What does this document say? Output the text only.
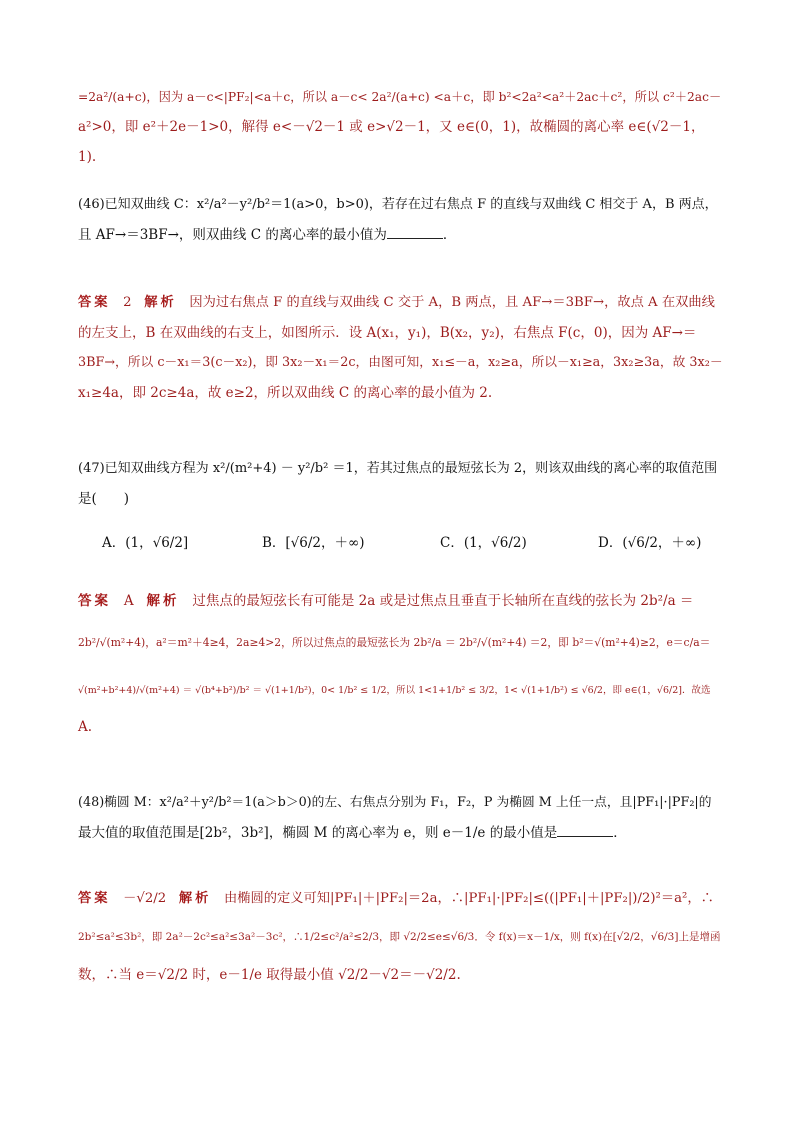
=2a²/(a+c)，因为 a－c<|PF₂|<a＋c，所以 a－c< 2a²/(a+c) <a＋c，即 b²<2a²<a²＋2ac＋c²，所以 c²＋2ac－
a²>0，即 e²＋2e－1>0，解得 e<－√2－1 或 e>√2－1，又 e∈(0，1)，故椭圆的离心率 e∈(√2－1，
1).
(46)已知双曲线 C：x²/a²－y²/b²＝1(a>0，b>0)，若存在过右焦点 F 的直线与双曲线 C 相交于 A，B 两点，
且 AF→＝3BF→，则双曲线 C 的离心率的最小值为	．
答案 2 解析 因为过右焦点 F 的直线与双曲线 C 交于 A，B 两点，且 AF→＝3BF→，故点 A 在双曲线
的左支上，B 在双曲线的右支上，如图所示．设 A(x₁，y₁)，B(x₂，y₂)，右焦点 F(c，0)，因为 AF→＝
3BF→，所以 c－x₁＝3(c－x₂)，即 3x₂－x₁＝2c，由图可知，x₁≤－a，x₂≥a，所以－x₁≥a，3x₂≥3a，故 3x₂－
x₁≥4a，即 2c≥4a，故 e≥2，所以双曲线 C 的离心率的最小值为 2.
(47)已知双曲线方程为 x²/(m²+4) － y²/b² ＝1，若其过焦点的最短弦长为 2，则该双曲线的离心率的取值范围
是(　　)
A．(1，√6/2]	B．[√6/2，＋∞)	C．(1，√6/2)	D．(√6/2，＋∞)
答案 A 解析 过焦点的最短弦长有可能是 2a 或是过焦点且垂直于长轴所在直线的弦长为 2b²/a ＝
2b²/√(m²+4)，a²＝m²＋4≥4，2a≥4>2，所以过焦点的最短弦长为 2b²/a ＝ 2b²/√(m²+4) ＝2，即 b²＝√(m²+4)≥2，e＝c/a＝
√(m²+b²+4)/√(m²+4) ＝ √(b⁴+b²)/b² ＝ √(1+1/b²)，0< 1/b² ≤ 1/2，所以 1<1+1/b² ≤ 3/2，1< √(1+1/b²) ≤ √6/2，即 e∈(1，√6/2]．故选
A.
(48)椭圆 M：x²/a²＋y²/b²＝1(a＞b＞0)的左、右焦点分别为 F₁，F₂，P 为椭圆 M 上任一点，且|PF₁|·|PF₂|的
最大值的取值范围是[2b²，3b²]，椭圆 M 的离心率为 e，则 e－1/e 的最小值是	．
答案 －√2/2 解析 由椭圆的定义可知|PF₁|＋|PF₂|＝2a，∴|PF₁|·|PF₂|≤((|PF₁|＋|PF₂|)/2)²＝a²，∴
2b²≤a²≤3b²，即 2a²－2c²≤a²≤3a²－3c²，∴1/2≤c²/a²≤2/3，即 √2/2≤e≤√6/3．令 f(x)＝x－1/x，则 f(x)在[√2/2，√6/3]上是增函
数，∴当 e＝√2/2 时，e－1/e 取得最小值 √2/2－√2＝－√2/2.
